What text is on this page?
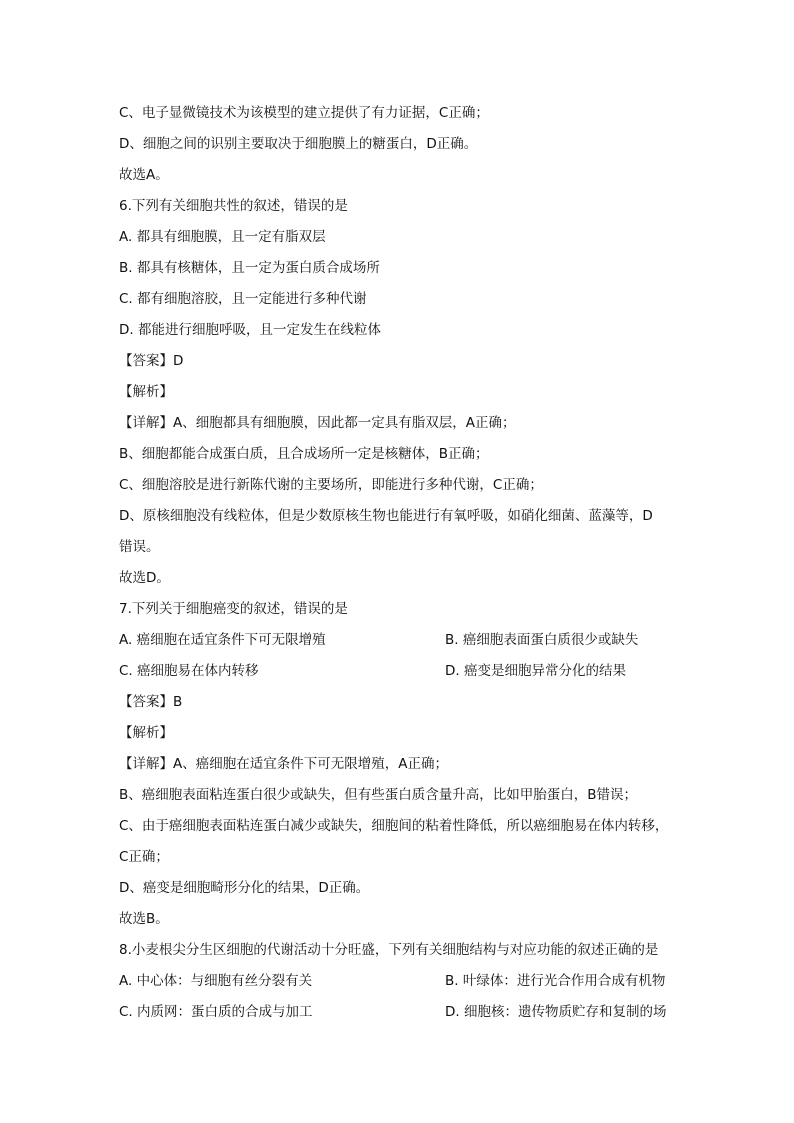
C、电子显微镜技术为该模型的建立提供了有力证据，C正确；
D、细胞之间的识别主要取决于细胞膜上的糖蛋白，D正确。
故选A。
6.下列有关细胞共性的叙述，错误的是
A. 都具有细胞膜，且一定有脂双层
B. 都具有核糖体，且一定为蛋白质合成场所
C. 都有细胞溶胶，且一定能进行多种代谢
D. 都能进行细胞呼吸，且一定发生在线粒体
【答案】D
【解析】
【详解】A、细胞都具有细胞膜，因此都一定具有脂双层，A正确；
B、细胞都能合成蛋白质，且合成场所一定是核糖体，B正确；
C、细胞溶胶是进行新陈代谢的主要场所，即能进行多种代谢，C正确；
D、原核细胞没有线粒体，但是少数原核生物也能进行有氧呼吸，如硝化细菌、蓝藻等，D
错误。
故选D。
7.下列关于细胞癌变的叙述，错误的是
A. 癌细胞在适宜条件下可无限增殖	B. 癌细胞表面蛋白质很少或缺失
C. 癌细胞易在体内转移	D. 癌变是细胞异常分化的结果
【答案】B
【解析】
【详解】A、癌细胞在适宜条件下可无限增殖，A正确；
B、癌细胞表面粘连蛋白很少或缺失，但有些蛋白质含量升高，比如甲胎蛋白，B错误；
C、由于癌细胞表面粘连蛋白减少或缺失，细胞间的粘着性降低，所以癌细胞易在体内转移，
C正确；
D、癌变是细胞畸形分化的结果，D正确。
故选B。
8.小麦根尖分生区细胞的代谢活动十分旺盛，下列有关细胞结构与对应功能的叙述正确的是
A. 中心体：与细胞有丝分裂有关	B. 叶绿体：进行光合作用合成有机物
C. 内质网：蛋白质的合成与加工	D. 细胞核：遗传物质贮存和复制的场
